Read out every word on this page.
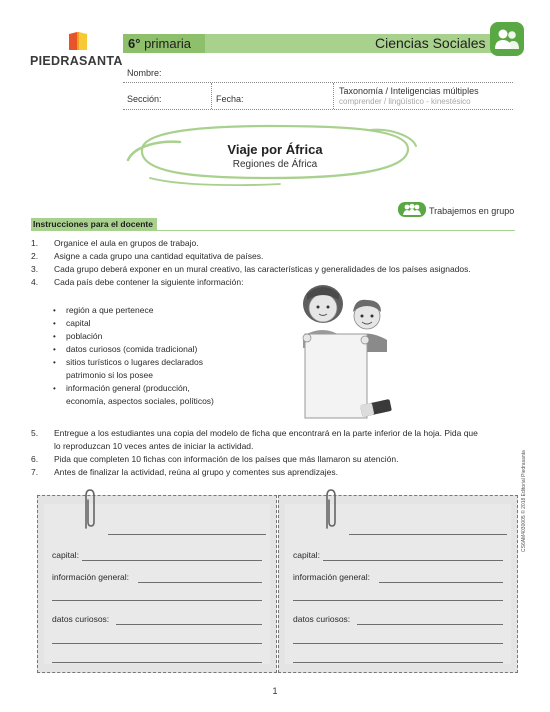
PIEDRASANTA
6° primaria	Ciencias Sociales
Nombre:
Sección:	Fecha:
Taxonomía / Inteligencias múltiples
comprender / lingüístico - kinestésico
Viaje por África
Regiones de África
Trabajemos en grupo
Instrucciones para el docente
1. Organice el aula en grupos de trabajo.
2. Asigne a cada grupo una cantidad equitativa de países.
3. Cada grupo deberá exponer en un mural creativo, las características y generalidades de los países asignados.
4. Cada país debe contener la siguiente información:
• región a que pertenece
• capital
• población
• datos curiosos (comida tradicional)
• sitios turísticos o lugares declarados
patrimonio si los posee
• información general (producción,
economía, aspectos sociales, políticos)
5. Entregue a los estudiantes una copia del modelo de ficha que encontrará en la parte inferior de la hoja. Pida que
lo reproduzcan 10 veces antes de iniciar la actividad.
6. Pida que completen 10 fichas con información de los países que más llamaron su atención.
7. Antes de finalizar la actividad, reúna al grupo y comentes sus aprendizajes.
capital:
información general:
datos curiosos:
capital:
información general:
datos curiosos:
CS6AM4030005 © 2018 Editorial Piedrasanta
1
